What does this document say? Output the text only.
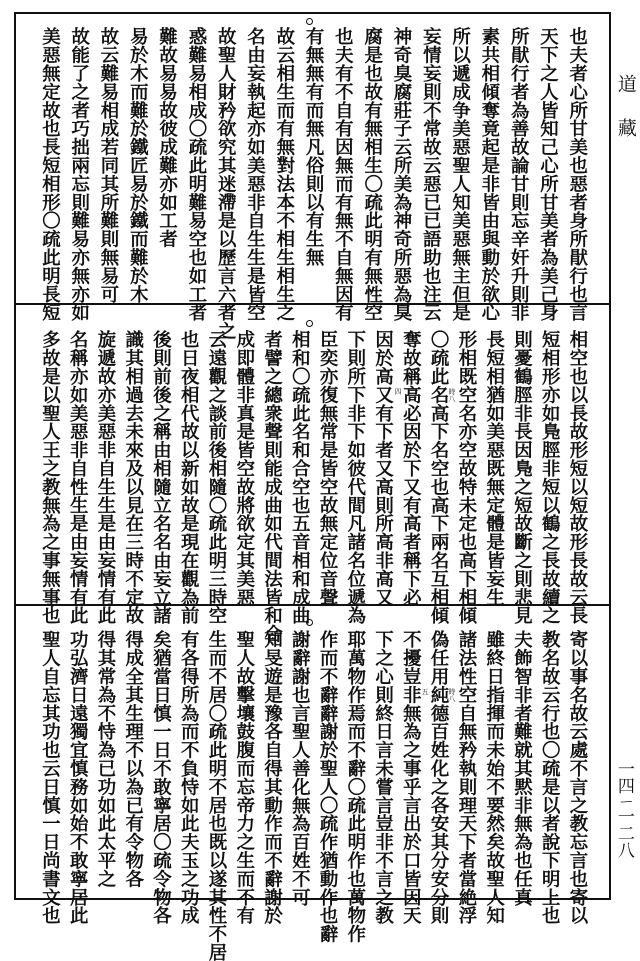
也夫者心所甘美也惡者身所猒行也言
天下之人皆知己心所甘美者為美己身
所猒行者為善故論甘則忘辛奸升則非
素共相傾奪竟起是非皆由與動於欲心
所以遞成争美惡聖人知美惡無主但是
妄情妄則不常故云惡已已語助也注云
神奇臭腐莊子云所美為神奇所惡為臭
腐是也故有無相生〇疏此明有無性空
也夫有不自有因無而有無不自無因有
有無無有而無凡俗則以有生無
故云相生而有無對法本不相生相生之
名由妄執起亦如美惡非自生生是皆空
故聖人財矜欲究其迷滯是以歷言六者之
惑難易相成〇疏此明難易空也如工者
難故易易故彼成難亦如工者
易於木而難於鐵匠易於鐵而難於木
故云難易相成若同其所難則無易可
故能了之者巧拙兩忘則難易亦無亦如
美惡無定故也長短相形〇疏此明長短
相空也以長故形短以短故形長故云長
短相形亦如鳬脛非短以鶴之長故續之
則憂鶴脛非長因鳬之短故斷之則悲見
長短相猶如美惡既無定體是皆妄生
形相既空名亦空故特未定也高下相傾
〇疏此名高下名空也高下兩名互相傾
奪故稱高必因於下又有高者稱下必
因於高又有下者又高則所高非高又
下則所下非下如彼代間凡諸名位遞為
臣奕亦復無常是皆空故無定位音聲
相和〇疏此名和合空也五音相和成曲
者譬之總衆聲則能成曲如代間法皆和合
成即體非真是皆空故將欲定其美惡
云遠觀之談前後相隨〇疏此明三時空
也日夜相代故以新如故是現在觀為前
後則前後之稱由相隨立名名由妄立諸
識其相過去未來及以見在三時不定故
旋遞故亦美惡非自生生是由妄情有此
名稱亦如美惡非自性生是由妄情有此
多故是以聖人王之教無為之事無事也
寄以事名故云處不言之教忘言也寄以
教名故云行也〇疏是以者說下明上也
夫飾智非者難就其黙非無為也任真
雖終日指揮而未始不要然矣故聖人知
諸法性空自無矜執則理天下者當絶浮
偽任用純德百姓化之各安其分安分則
不擾豈非無為之事乎言出於口皆因天
下之心則終日言未嘗言豈非不言之教
耶萬物作焉而不辭〇疏此明作也萬物作
作而不辭辭謝於聖人〇疏作猶動作也辭
謝辭謝也言聖人善化無為百姓不可
知旻遊是豫各自得其動作而不辭謝於
聖人故擊壤鼓腹而忘帝力之生而不有
生而不居〇疏此明不居也既以遂其性不居
有各得所為而不負恃如此夫玉之功成
矣猶當日慎一日不敢寧居〇疏令物各
得成全其生理不以為已有令物各
得其常為不恃為已功如此太平之
功弘濟日遠獨宜慎務如始不敢寧居此
聖人自忘其功也云日慎一日尚書文也
道
藏
一四ㄧ一二八
時八
四
時八
五
